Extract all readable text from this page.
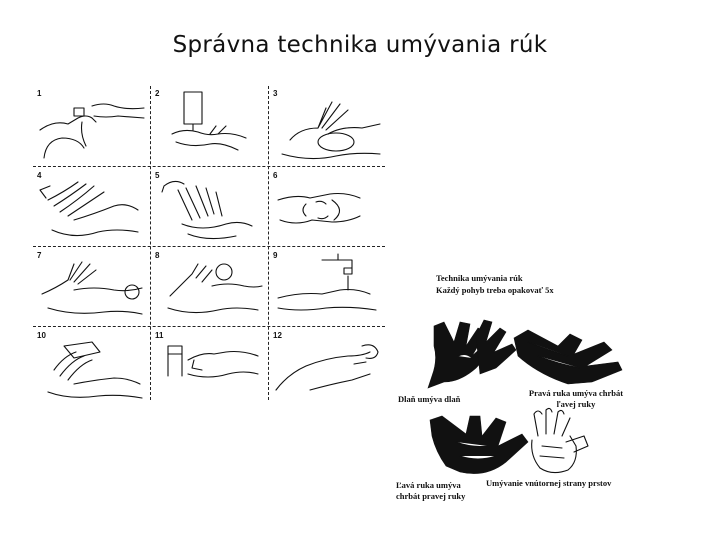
Správna technika umývania rúk
1	2	3
4	5	6
7	8	9
10	11	12
Technika umývania rúk
Každý pohyb treba opakovať 5x
Dlaň umýva dlaň
Pravá ruka umýva chrbát
ľavej ruky
Ľavá ruka umýva
chrbát pravej ruky
Umývanie vnútornej strany prstov
